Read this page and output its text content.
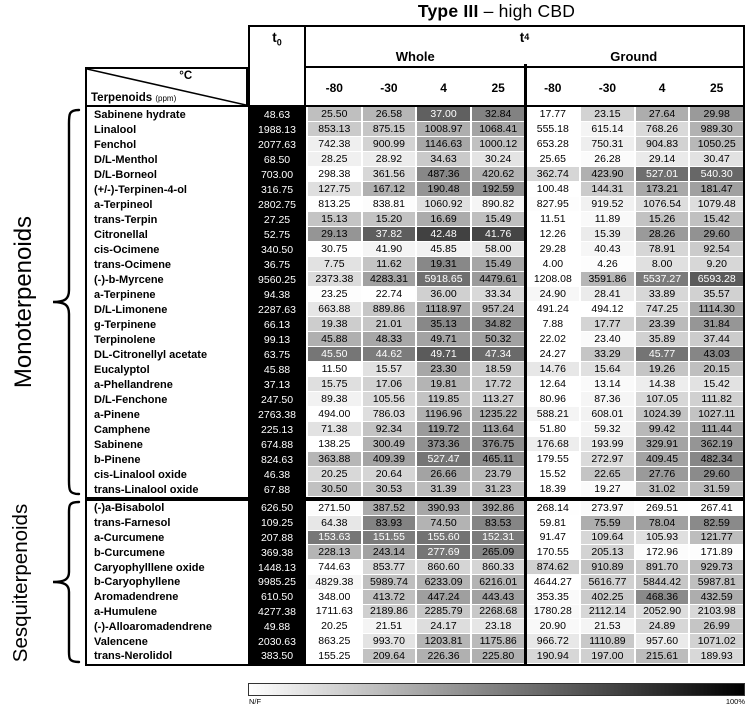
Type III – high CBD
$t_0$	t 4
Whole	Ground
-80	-30	4	25	-80	-30	4	25
°C
Terpenoids (ppm)
Sabinene hydrate	48.63	25.50	26.58	37.00	32.84	17.77	23.15	27.64	29.98
Linalool	1988.13	853.13	875.15	1008.97	1068.41	555.18	615.14	768.26	989.30
Fenchol	2077.63	742.38	900.99	1146.63	1000.12	653.28	750.31	904.83	1050.25
D/L-Menthol	68.50	28.25	28.92	34.63	30.24	25.65	26.28	29.14	30.47
D/L-Borneol	703.00	298.38	361.56	487.36	420.62	362.74	423.90	527.01	540.30
(+/-)-Terpinen-4-ol	316.75	127.75	167.12	190.48	192.59	100.48	144.31	173.21	181.47
a-Terpineol	2802.75	813.25	838.81	1060.92	890.82	827.95	919.52	1076.54	1079.48
trans-Terpin	27.25	15.13	15.20	16.69	15.49	11.51	11.89	15.26	15.42
Citronellal	52.75	29.13	37.82	42.48	41.76	12.26	15.39	28.26	29.60
cis-Ocimene	340.50	30.75	41.90	45.85	58.00	29.28	40.43	78.91	92.54
trans-Ocimene	36.75	7.75	11.62	19.31	15.49	4.00	4.26	8.00	9.20
(-)-b-Myrcene	9560.25	2373.38	4283.31	5918.65	4479.61	1208.08	3591.86	5537.27	6593.28
a-Terpinene	94.38	23.25	22.74	36.00	33.34	24.90	28.41	33.89	35.57
D/L-Limonene	2287.63	663.88	889.86	1118.97	957.24	491.24	494.12	747.25	1114.30
g-Terpinene	66.13	19.38	21.01	35.13	34.82	7.88	17.77	23.39	31.84
Terpinolene	99.13	45.88	48.33	49.71	50.32	22.02	23.40	35.89	37.44
DL-Citronellyl acetate	63.75	45.50	44.62	49.71	47.34	24.27	33.29	45.77	43.03
Eucalyptol	45.88	11.50	15.57	23.30	18.59	14.76	15.64	19.26	20.15
a-Phellandrene	37.13	15.75	17.06	19.81	17.72	12.64	13.14	14.38	15.42
D/L-Fenchone	247.50	89.38	105.56	119.85	113.27	80.96	87.36	107.05	111.82
a-Pinene	2763.38	494.00	786.03	1196.96	1235.22	588.21	608.01	1024.39	1027.11
Camphene	225.13	71.38	92.34	119.72	113.64	51.80	59.32	99.42	111.44
Sabinene	674.88	138.25	300.49	373.36	376.75	176.68	193.99	329.91	362.19
b-Pinene	824.63	363.88	409.39	527.47	465.11	179.55	272.97	409.45	482.34
cis-Linalool oxide	46.38	20.25	20.64	26.66	23.79	15.52	22.65	27.76	29.60
trans-Linalool oxide	67.88	30.50	30.53	31.39	31.23	18.39	19.27	31.02	31.59
(-)a-Bisabolol	626.50	271.50	387.52	390.93	392.86	268.14	273.97	269.51	267.41
trans-Farnesol	109.25	64.38	83.93	74.50	83.53	59.81	75.59	78.04	82.59
a-Curcumene	207.88	153.63	151.55	155.60	152.31	91.47	109.64	105.93	121.77
b-Curcumene	369.38	228.13	243.14	277.69	265.09	170.55	205.13	172.96	171.89
Caryophylllene oxide	1448.13	744.63	853.77	860.60	860.33	874.62	910.89	891.70	929.73
b-Caryophyllene	9985.25	4829.38	5989.74	6233.09	6216.01	4644.27	5616.77	5844.42	5987.81
Aromadendrene	610.50	348.00	413.72	447.24	443.43	353.35	402.25	468.36	432.59
a-Humulene	4277.38	1711.63	2189.86	2285.79	2268.68	1780.28	2112.14	2052.90	2103.98
(-)-Alloaromadendrene	49.88	20.25	21.51	24.17	23.18	20.90	21.53	24.89	26.99
Valencene	2030.63	863.25	993.70	1203.81	1175.86	966.72	1110.89	957.60	1071.02
trans-Nerolidol	383.50	155.25	209.64	226.36	225.80	190.94	197.00	215.61	189.93
Monoterpenoids
Sesquiterpenoids
N/F	100%
